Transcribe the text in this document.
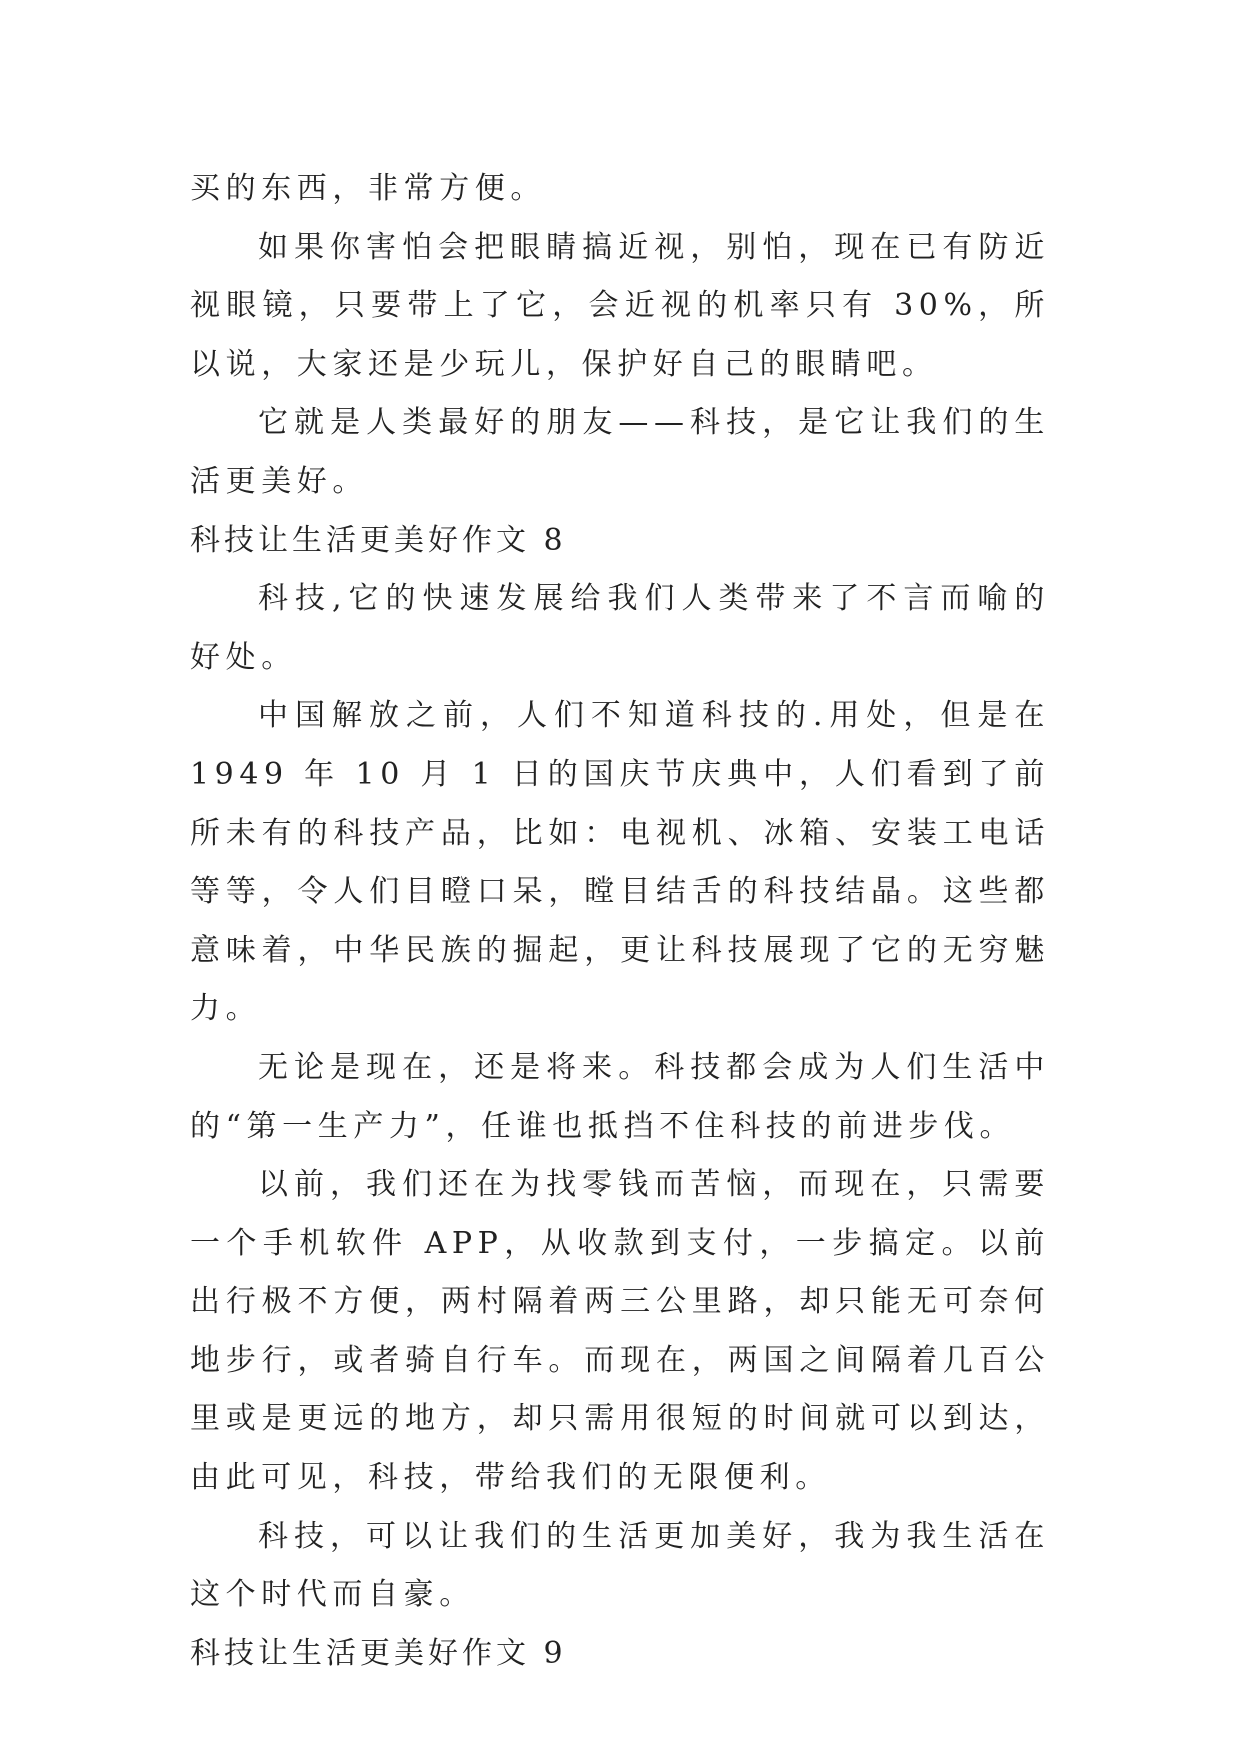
买的东西，非常方便。

如果你害怕会把眼睛搞近视，别怕，现在已有防近视眼镜，只要带上了它，会近视的机率只有 30%，所以说，大家还是少玩儿，保护好自己的眼睛吧。

它就是人类最好的朋友——科技，是它让我们的生活更美好。

科技让生活更美好作文 8

科技,它的快速发展给我们人类带来了不言而喻的好处。

中国解放之前，人们不知道科技的.用处，但是在 1949 年 10 月 1 日的国庆节庆典中，人们看到了前所未有的科技产品，比如：电视机、冰箱、安装工电话等等，令人们目瞪口呆，瞠目结舌的科技结晶。这些都意味着，中华民族的掘起，更让科技展现了它的无穷魅力。

无论是现在，还是将来。科技都会成为人们生活中的“第一生产力”，任谁也抵挡不住科技的前进步伐。

以前，我们还在为找零钱而苦恼，而现在，只需要一个手机软件 APP，从收款到支付，一步搞定。以前出行极不方便，两村隔着两三公里路，却只能无可奈何地步行，或者骑自行车。而现在，两国之间隔着几百公里或是更远的地方，却只需用很短的时间就可以到达，由此可见，科技，带给我们的无限便利。

科技，可以让我们的生活更加美好，我为我生活在这个时代而自豪。

科技让生活更美好作文 9
